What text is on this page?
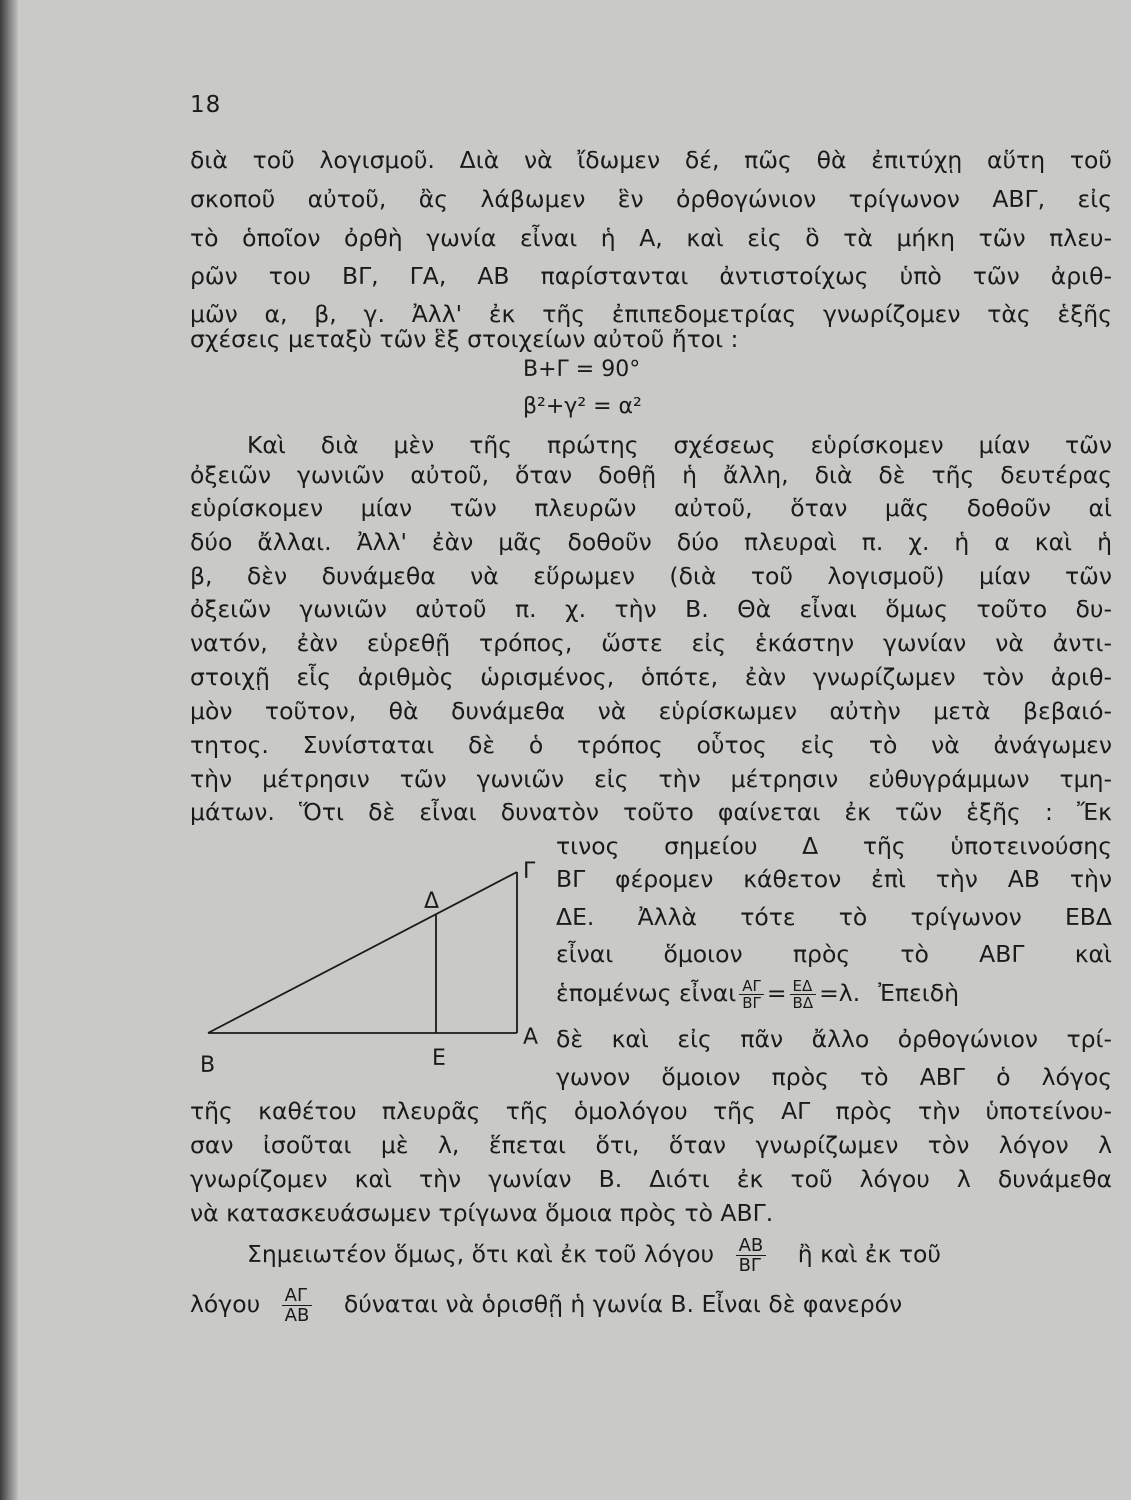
18
διὰ τοῦ λογισμοῦ. Διὰ νὰ ἴδωμεν δέ, πῶς θὰ ἐπιτύχῃ αὕτη τοῦ
σκοποῦ αὐτοῦ, ἂς λάβωμεν ἓν ὀρθογώνιον τρίγωνον ΑΒΓ, εἰς
τὸ ὁποῖον ὀρθὴ γωνία εἶναι ἡ Α, καὶ εἰς ὃ τὰ μήκη τῶν πλευ-
ρῶν του ΒΓ, ΓΑ, ΑΒ παρίστανται ἀντιστοίχως ὑπὸ τῶν ἀριθ-
μῶν α, β, γ. Ἀλλ' ἐκ τῆς ἐπιπεδομετρίας γνωρίζομεν τὰς ἑξῆς
σχέσεις μεταξὺ τῶν ἓξ στοιχείων αὐτοῦ ἤτοι :
Β+Γ = 90°
β²+γ² = α²
Καὶ διὰ μὲν τῆς πρώτης σχέσεως εὑρίσκομεν μίαν τῶν
ὀξειῶν γωνιῶν αὐτοῦ, ὅταν δοθῇ ἡ ἄλλη, διὰ δὲ τῆς δευτέρας
εὑρίσκομεν μίαν τῶν πλευρῶν αὐτοῦ, ὅταν μᾶς δοθοῦν αἱ
δύο ἄλλαι. Ἀλλ' ἐὰν μᾶς δοθοῦν δύο πλευραὶ π. χ. ἡ α καὶ ἡ
β, δὲν δυνάμεθα νὰ εὕρωμεν (διὰ τοῦ λογισμοῦ) μίαν τῶν
ὀξειῶν γωνιῶν αὐτοῦ π. χ. τὴν Β. Θὰ εἶναι ὅμως τοῦτο δυ-
νατόν, ἐὰν εὑρεθῇ τρόπος, ὥστε εἰς ἑκάστην γωνίαν νὰ ἀντι-
στοιχῇ εἷς ἀριθμὸς ὡρισμένος, ὁπότε, ἐὰν γνωρίζωμεν τὸν ἀριθ-
μὸν τοῦτον, θὰ δυνάμεθα νὰ εὑρίσκωμεν αὐτὴν μετὰ βεβαιό-
τητος. Συνίσταται δὲ ὁ τρόπος οὗτος εἰς τὸ νὰ ἀνάγωμεν
τὴν μέτρησιν τῶν γωνιῶν εἰς τὴν μέτρησιν εὐθυγράμμων τμη-
μάτων. Ὅτι δὲ εἶναι δυνατὸν τοῦτο φαίνεται ἐκ τῶν ἑξῆς : Ἔκ
τινος σημείου Δ τῆς ὑποτεινούσης
ΒΓ φέρομεν κάθετον ἐπὶ τὴν ΑΒ τὴν
ΔΕ. Ἀλλὰ τότε τὸ τρίγωνον ΕΒΔ
εἶναι ὅμοιον πρὸς τὸ ΑΒΓ καὶ
ἑπομένως εἶναι $\frac{A\Gamma}{B\Gamma} = \frac{E\Delta}{B\Delta} =\lambda$. Ἐπειδὴ
δὲ καὶ εἰς πᾶν ἄλλο ὀρθογώνιον τρί-
γωνον ὅμοιον πρὸς τὸ ΑΒΓ ὁ λόγος
τῆς καθέτου πλευρᾶς τῆς ὁμολόγου τῆς ΑΓ πρὸς τὴν ὑποτείνου-
σαν ἰσοῦται μὲ λ, ἕπεται ὅτι, ὅταν γνωρίζωμεν τὸν λόγον λ
γνωρίζομεν καὶ τὴν γωνίαν Β. Διότι ἐκ τοῦ λόγου λ δυνάμεθα
νὰ κατασκευάσωμεν τρίγωνα ὅμοια πρὸς τὸ ΑΒΓ.
Σημειωτέον ὅμως, ὅτι καὶ ἐκ τοῦ λόγου $\frac{AB}{B\Gamma}$ ἢ καὶ ἐκ τοῦ
λόγου $\frac{A\Gamma}{AB}$ δύναται νὰ ὁρισθῇ ἡ γωνία Β. Εἶναι δὲ φανερόν
Β	Ε
Α
Γ
Δ
